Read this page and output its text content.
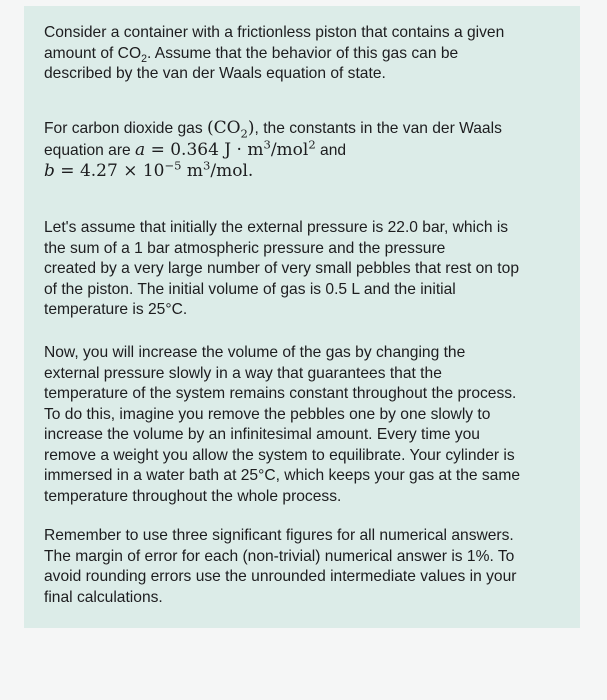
Consider a container with a frictionless piston that contains a given
amount of $CO_2$. Assume that the behavior of this gas can be
described by the van der Waals equation of state.
For carbon dioxide gas $(CO_2)$, the constants in the van der Waals
equation are a = 0.364 $J \cdot m^3/mol^2$ and
$b = 4.27 \times 10^{-5}$ $m^3$/mol.
Let's assume that initially the external pressure is 22.0 bar, which is
the sum of a 1 bar atmospheric pressure and the pressure
created by a very large number of very small pebbles that rest on top
of the piston. The initial volume of gas is 0.5 L and the initial
temperature is 25°C.
Now, you will increase the volume of the gas by changing the
external pressure slowly in a way that guarantees that the
temperature of the system remains constant throughout the process.
To do this, imagine you remove the pebbles one by one slowly to
increase the volume by an infinitesimal amount. Every time you
remove a weight you allow the system to equilibrate. Your cylinder is
immersed in a water bath at 25°C, which keeps your gas at the same
temperature throughout the whole process.
Remember to use three significant figures for all numerical answers.
The margin of error for each (non-trivial) numerical answer is 1%. To
avoid rounding errors use the unrounded intermediate values in your
final calculations.
